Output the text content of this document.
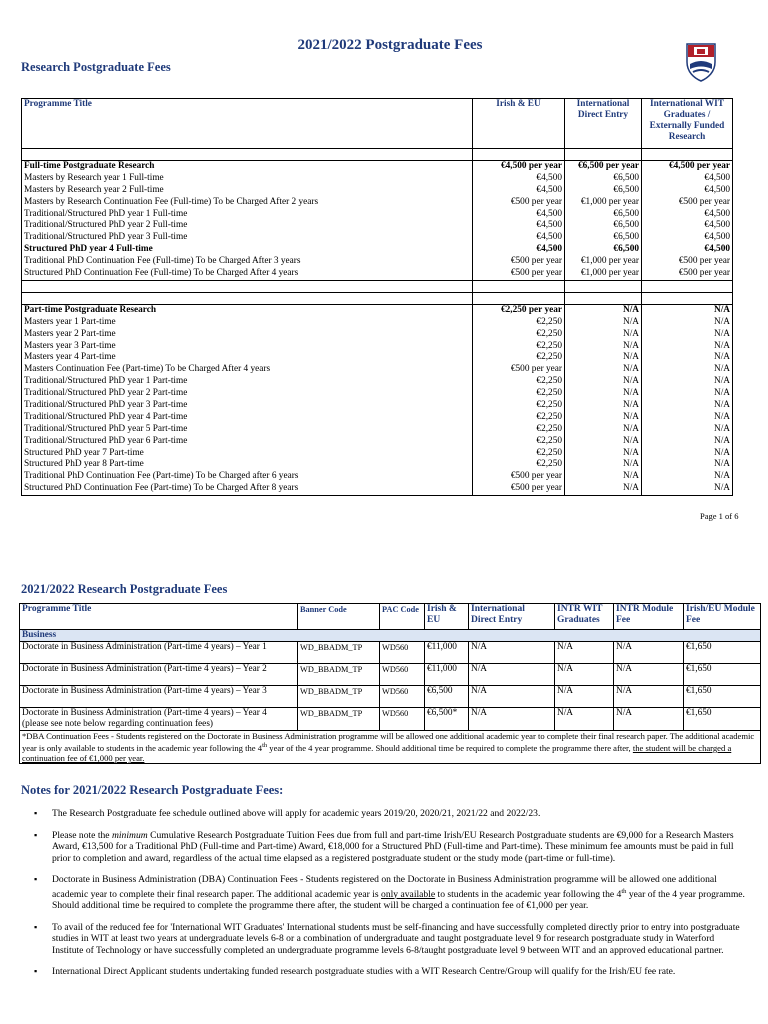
2021/2022 Postgraduate Fees
Research Postgraduate Fees
Programme Title	Irish & EU	International Direct Entry	International WIT Graduates / Externally Funded Research

Full-time Postgraduate Research	€4,500 per year	€6,500 per year	€4,500 per year
Masters by Research year 1 Full-time	€4,500	€6,500	€4,500
Masters by Research year 2 Full-time	€4,500	€6,500	€4,500
Masters by Research Continuation Fee (Full-time) To be Charged After 2 years	€500 per year	€1,000 per year	€500 per year
Traditional/Structured PhD year 1 Full-time	€4,500	€6,500	€4,500
Traditional/Structured PhD year 2 Full-time	€4,500	€6,500	€4,500
Traditional/Structured PhD year 3 Full-time	€4,500	€6,500	€4,500
Structured PhD year 4 Full-time	€4,500	€6,500	€4,500
Traditional PhD Continuation Fee (Full-time) To be Charged After 3 years	€500 per year	€1,000 per year	€500 per year
Structured PhD Continuation Fee (Full-time) To be Charged After 4 years	€500 per year	€1,000 per year	€500 per year

Part-time Postgraduate Research	€2,250 per year	N/A	N/A
Masters year 1 Part-time	€2,250	N/A	N/A
Masters year 2 Part-time	€2,250	N/A	N/A
Masters year 3 Part-time	€2,250	N/A	N/A
Masters year 4 Part-time	€2,250	N/A	N/A
Masters Continuation Fee (Part-time) To be Charged After 4 years	€500 per year	N/A	N/A
Traditional/Structured PhD year 1 Part-time	€2,250	N/A	N/A
Traditional/Structured PhD year 2 Part-time	€2,250	N/A	N/A
Traditional/Structured PhD year 3 Part-time	€2,250	N/A	N/A
Traditional/Structured PhD year 4 Part-time	€2,250	N/A	N/A
Traditional/Structured PhD year 5 Part-time	€2,250	N/A	N/A
Traditional/Structured PhD year 6 Part-time	€2,250	N/A	N/A
Structured PhD year 7 Part-time	€2,250	N/A	N/A
Structured PhD year 8 Part-time	€2,250	N/A	N/A
Traditional PhD Continuation Fee (Part-time) To be Charged after 6 years	€500 per year	N/A	N/A
Structured PhD Continuation Fee (Part-time) To be Charged After 8 years	€500 per year	N/A	N/A
Page 1 of 6
2021/2022 Research Postgraduate Fees
Programme Title	Banner Code	PAC Code	Irish & EU	International Direct Entry	INTR WIT Graduates	INTR Module Fee	Irish/EU Module Fee
Business							

Doctorate in Business Administration (Part-time 4 years) – Year 1	WD_BBADM_TP	WD560	€11,000	N/A	N/A	N/A	€1,650

Doctorate in Business Administration (Part-time 4 years) – Year 2	WD_BBADM_TP	WD560	€11,000	N/A	N/A	N/A	€1,650

Doctorate in Business Administration (Part-time 4 years) – Year 3	WD_BBADM_TP	WD560	€6,500	N/A	N/A	N/A	€1,650

Doctorate in Business Administration (Part-time 4 years) – Year 4
(please see note below regarding continuation fees)	WD_BBADM_TP	WD560	€6,500*	N/A	N/A	N/A	€1,650
*DBA Continuation Fees - Students registered on the Doctorate in Business Administration programme will be allowed one additional academic year to complete their final research paper. The additional academic year is only available to students in the academic year following the 4th year of the 4 year programme. Should additional time be required to complete the programme there after, the student will be charged a continuation fee of €1,000 per year.							
Notes for 2021/2022 Research Postgraduate Fees:
▪ The Research Postgraduate fee schedule outlined above will apply for academic years 2019/20, 2020/21, 2021/22 and 2022/23.
▪ Please note the minimum Cumulative Research Postgraduate Tuition Fees due from full and part-time Irish/EU Research Postgraduate students are €9,000 for a Research Masters Award, €13,500 for a Traditional PhD (Full-time and Part-time) Award, €18,000 for a Structured PhD (Full-time and Part-time). These minimum fee amounts must be paid in full prior to completion and award, regardless of the actual time elapsed as a registered postgraduate student or the study mode (part-time or full-time).
▪ Doctorate in Business Administration (DBA) Continuation Fees - Students registered on the Doctorate in Business Administration programme will be allowed one additional academic year to complete their final research paper. The additional academic year is only available to students in the academic year following the 4th year of the 4 year programme. Should additional time be required to complete the programme there after, the student will be charged a continuation fee of €1,000 per year.
▪ To avail of the reduced fee for 'International WIT Graduates' International students must be self-financing and have successfully completed directly prior to entry into postgraduate studies in WIT at least two years at undergraduate levels 6-8 or a combination of undergraduate and taught postgraduate level 9 for research postgraduate study in Waterford Institute of Technology or have successfully completed an undergraduate programme levels 6-8/taught postgraduate level 9 between WIT and an approved educational partner.
▪ International Direct Applicant students undertaking funded research postgraduate studies with a WIT Research Centre/Group will qualify for the Irish/EU fee rate.
